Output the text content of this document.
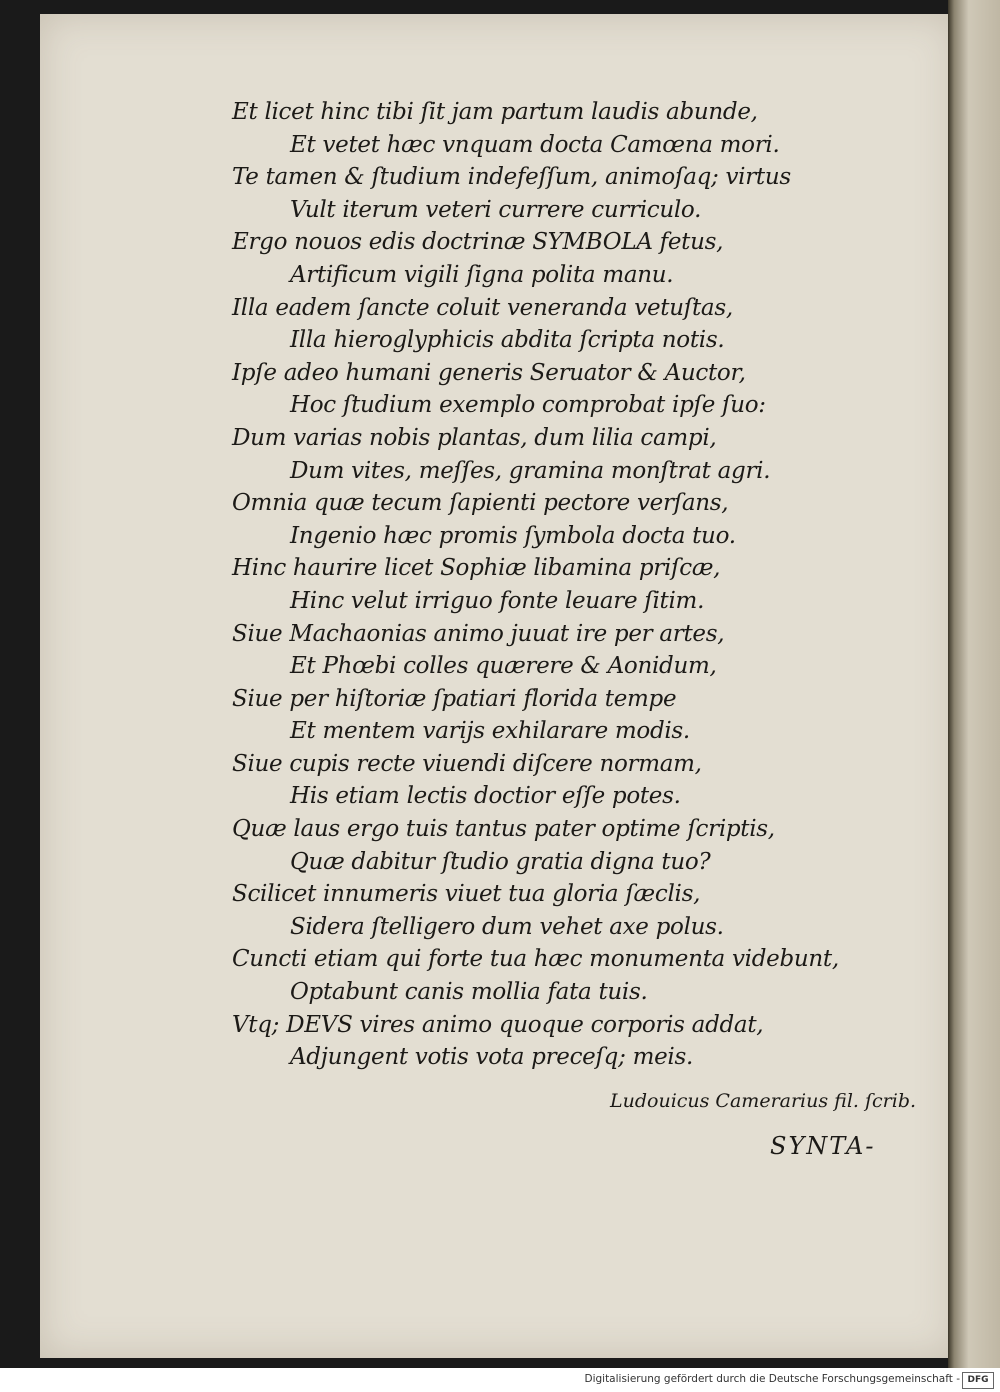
Et licet hinc tibi ſit jam partum laudis abunde,
Et vetet hæc vnquam docta Camœna mori.
Te tamen & ſtudium indefeſſum, animoſaq; virtus
Vult iterum veteri currere curriculo.
Ergo nouos edis doctrinæ SYMBOLA fetus,
Artificum vigili ſigna polita manu.
Illa eadem ſancte coluit veneranda vetuſtas,
Illa hieroglyphicis abdita ſcripta notis.
Ipſe adeo humani generis Seruator & Auctor,
Hoc ſtudium exemplo comprobat ipſe ſuo:
Dum varias nobis plantas, dum lilia campi,
Dum vites, meſſes, gramina monſtrat agri.
Omnia quæ tecum ſapienti pectore verſans,
Ingenio hæc promis ſymbola docta tuo.
Hinc haurire licet Sophiæ libamina priſcæ,
Hinc velut irriguo fonte leuare ſitim.
Siue Machaonias animo juuat ire per artes,
Et Phœbi colles quærere & Aonidum,
Siue per hiſtoriæ ſpatiari florida tempe
Et mentem varijs exhilarare modis.
Siue cupis recte viuendi diſcere normam,
His etiam lectis doctior eſſe potes.
Quæ laus ergo tuis tantus pater optime ſcriptis,
Quæ dabitur ſtudio gratia digna tuo?
Scilicet innumeris viuet tua gloria ſæclis,
Sidera ſtelligero dum vehet axe polus.
Cuncti etiam qui forte tua hæc monumenta videbunt,
Optabunt canis mollia fata tuis.
Vtq; DEVS vires animo quoque corporis addat,
Adjungent votis vota preceſq; meis.
Ludouicus Camerarius fil. ſcrib.
SYNTA-
Digitalisierung gefördert durch die Deutsche Forschungsgemeinschaft - DFG
